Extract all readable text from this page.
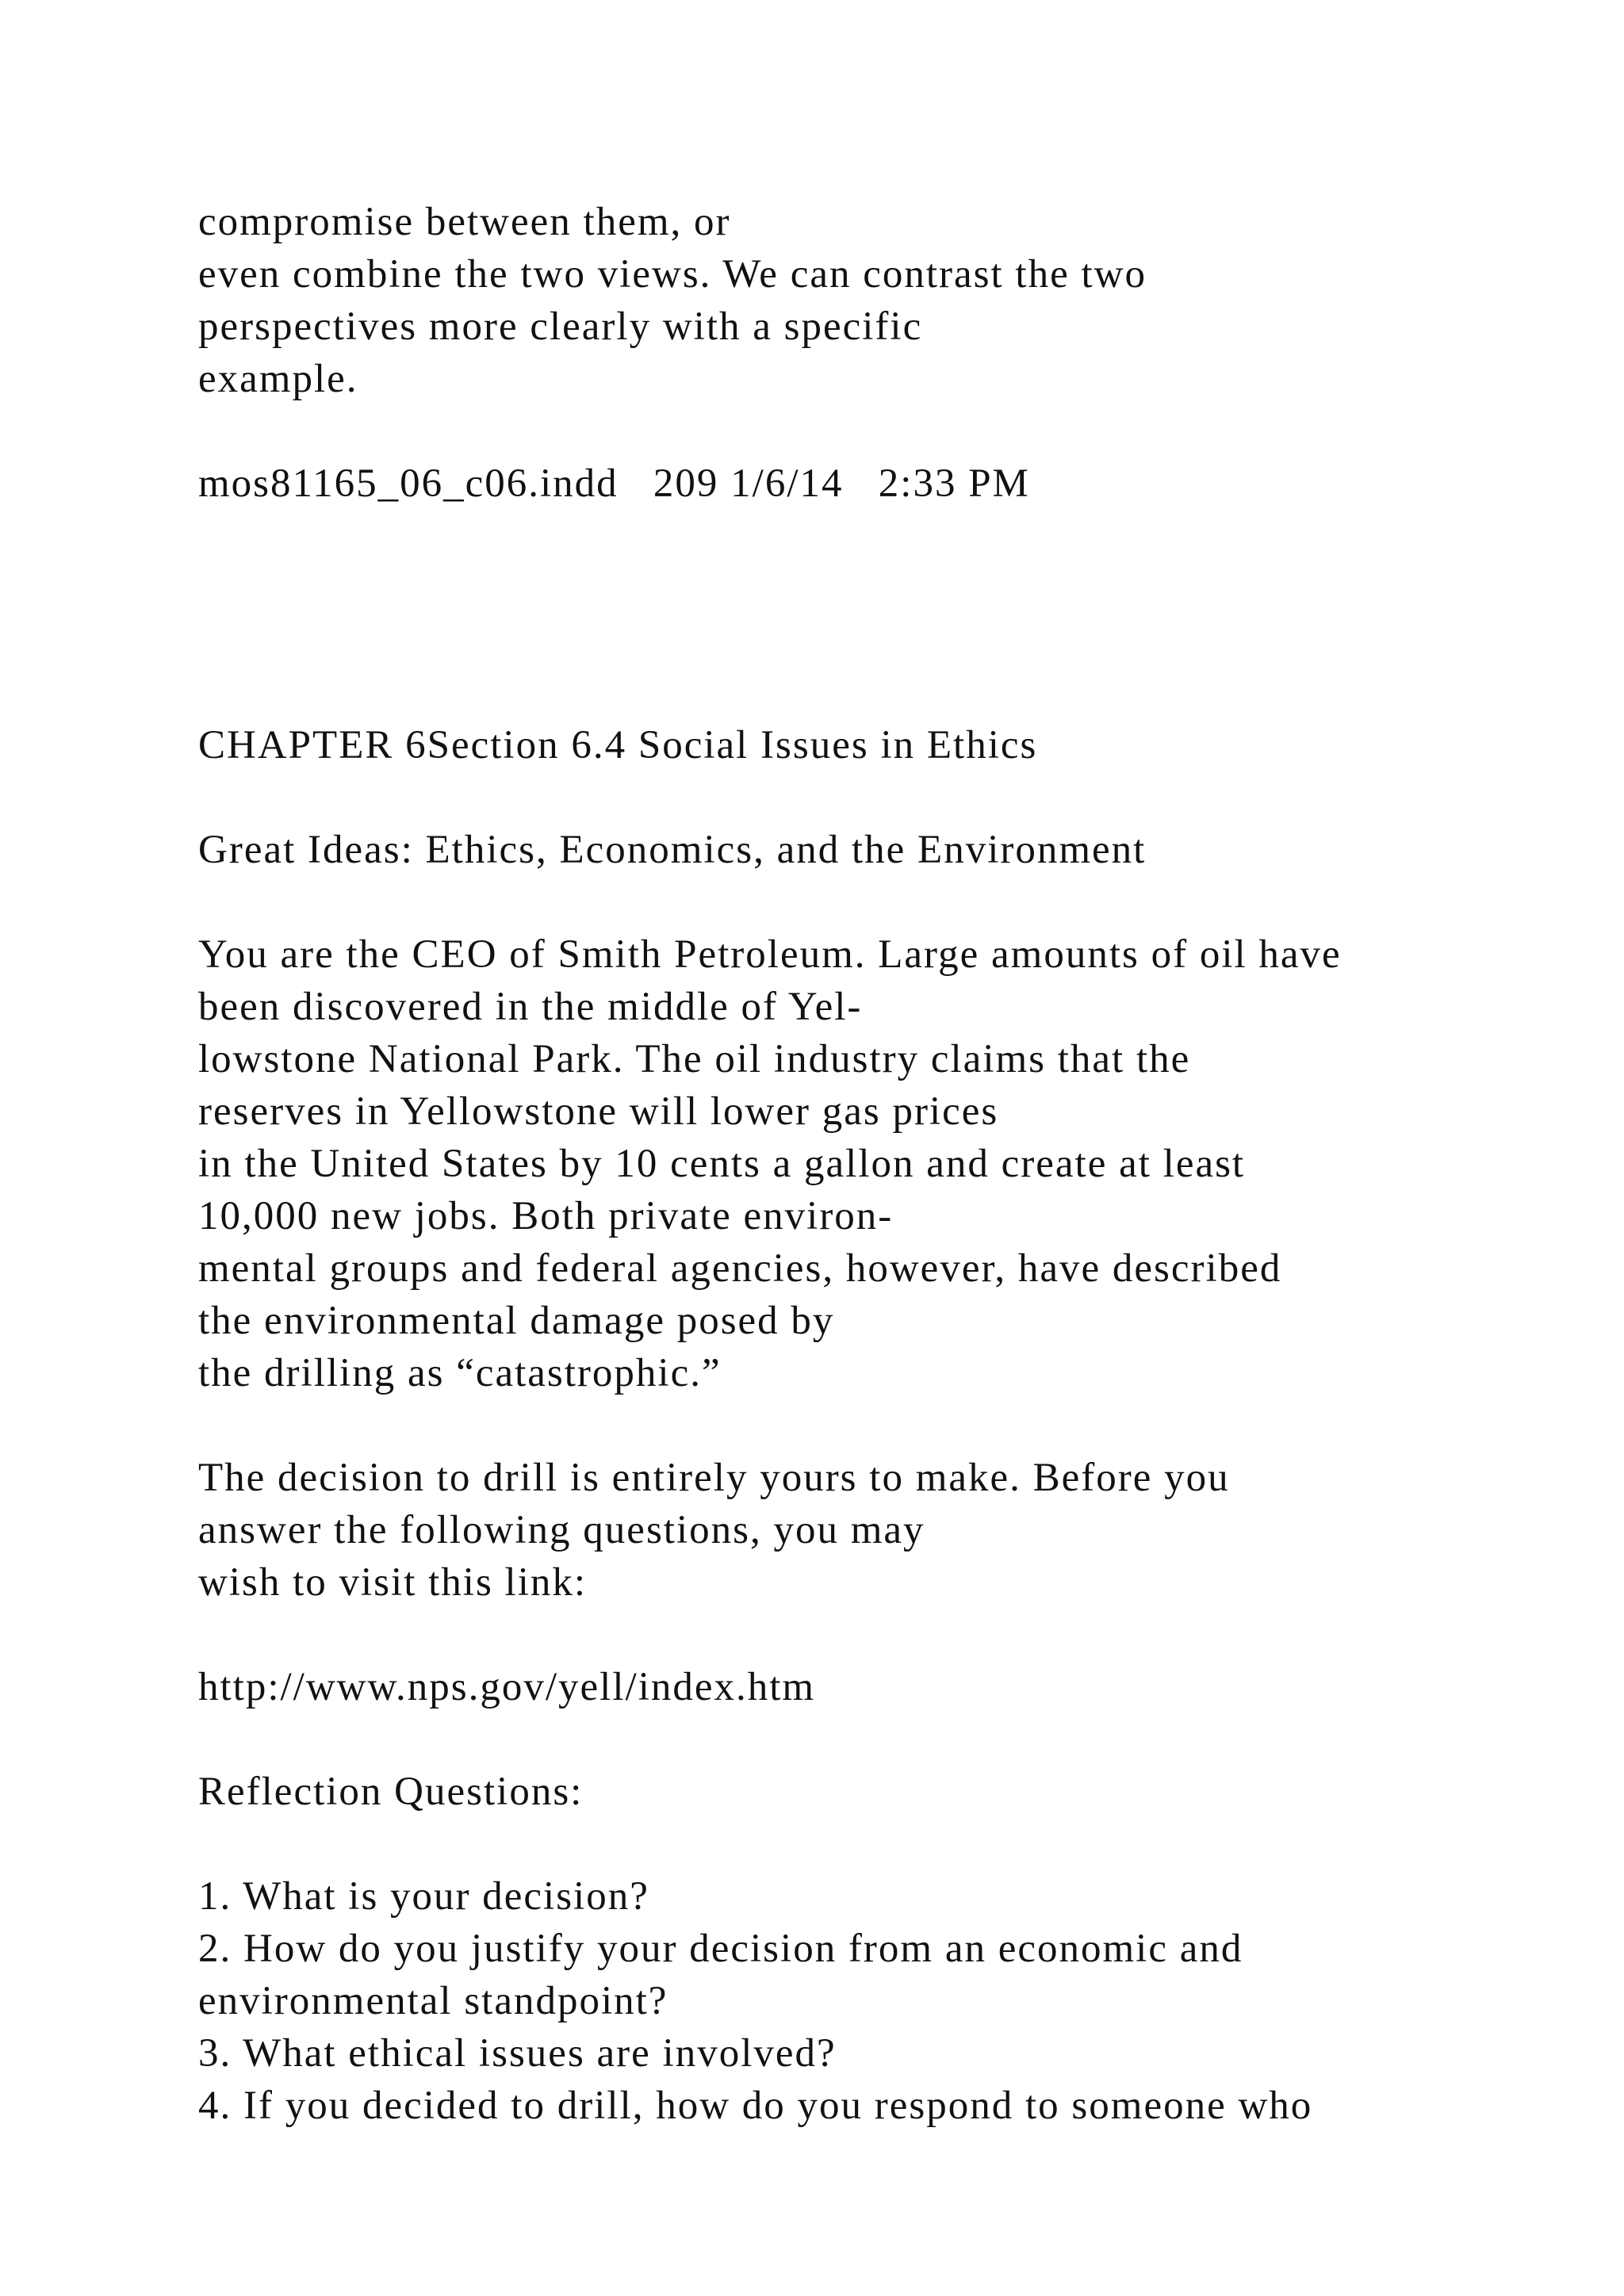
compromise between them, or
even combine the two views. We can contrast the two
perspectives more clearly with a specific
example.
mos81165_06_c06.indd   209 1/6/14   2:33 PM
CHAPTER 6Section 6.4 Social Issues in Ethics
Great Ideas: Ethics, Economics, and the Environment
You are the CEO of Smith Petroleum. Large amounts of oil have
been discovered in the middle of Yel-
lowstone National Park. The oil industry claims that the
reserves in Yellowstone will lower gas prices
in the United States by 10 cents a gallon and create at least
10,000 new jobs. Both private environ-
mental groups and federal agencies, however, have described
the environmental damage posed by
the drilling as “catastrophic.”
The decision to drill is entirely yours to make. Before you
answer the following questions, you may
wish to visit this link:
http://www.nps.gov/yell/index.htm
Reflection Questions:
1. What is your decision?
2. How do you justify your decision from an economic and
environmental standpoint?
3. What ethical issues are involved?
4. If you decided to drill, how do you respond to someone who
